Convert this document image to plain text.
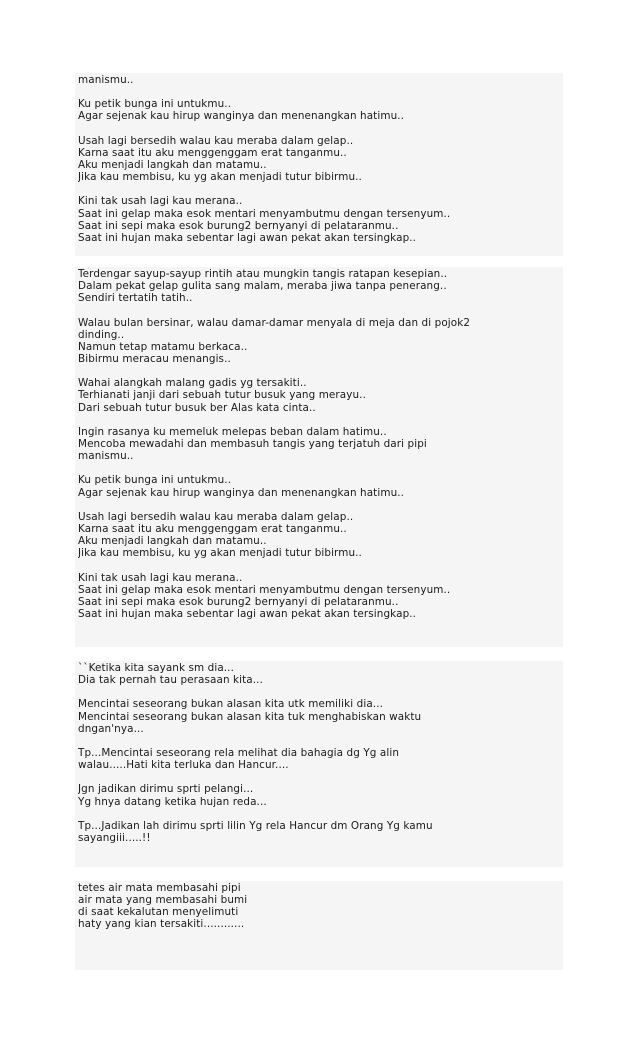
manismu..
Ku petik bunga ini untukmu..
Agar sejenak kau hirup wanginya dan menenangkan hatimu..
Usah lagi bersedih walau kau meraba dalam gelap..
Karna saat itu aku menggenggam erat tanganmu..
Aku menjadi langkah dan matamu..
Jika kau membisu, ku yg akan menjadi tutur bibirmu..
Kini tak usah lagi kau merana..
Saat ini gelap maka esok mentari menyambutmu dengan tersenyum..
Saat ini sepi maka esok burung2 bernyanyi di pelataranmu..
Saat ini hujan maka sebentar lagi awan pekat akan tersingkap..
Terdengar sayup-sayup rintih atau mungkin tangis ratapan kesepian..
Dalam pekat gelap gulita sang malam, meraba jiwa tanpa penerang..
Sendiri tertatih tatih..
Walau bulan bersinar, walau damar-damar menyala di meja dan di pojok2
dinding..
Namun tetap matamu berkaca..
Bibirmu meracau menangis..
Wahai alangkah malang gadis yg tersakiti..
Terhianati janji dari sebuah tutur busuk yang merayu..
Dari sebuah tutur busuk ber Alas kata cinta..
Ingin rasanya ku memeluk melepas beban dalam hatimu..
Mencoba mewadahi dan membasuh tangis yang terjatuh dari pipi
manismu..
Ku petik bunga ini untukmu..
Agar sejenak kau hirup wanginya dan menenangkan hatimu..
Usah lagi bersedih walau kau meraba dalam gelap..
Karna saat itu aku menggenggam erat tanganmu..
Aku menjadi langkah dan matamu..
Jika kau membisu, ku yg akan menjadi tutur bibirmu..
Kini tak usah lagi kau merana..
Saat ini gelap maka esok mentari menyambutmu dengan tersenyum..
Saat ini sepi maka esok burung2 bernyanyi di pelataranmu..
Saat ini hujan maka sebentar lagi awan pekat akan tersingkap..
``Ketika kita sayank sm dia...
Dia tak pernah tau perasaan kita...
Mencintai seseorang bukan alasan kita utk memiliki dia...
Mencintai seseorang bukan alasan kita tuk menghabiskan waktu
dngan'nya...
Tp...Mencintai seseorang rela melihat dia bahagia dg Yg alin
walau.....Hati kita terluka dan Hancur....
Jgn jadikan dirimu sprti pelangi...
Yg hnya datang ketika hujan reda...
Tp...Jadikan lah dirimu sprti lilin Yg rela Hancur dm Orang Yg kamu
sayangiii.....!!
tetes air mata membasahi pipi
air mata yang membasahi bumi
di saat kekalutan menyelimuti
haty yang kian tersakiti............
